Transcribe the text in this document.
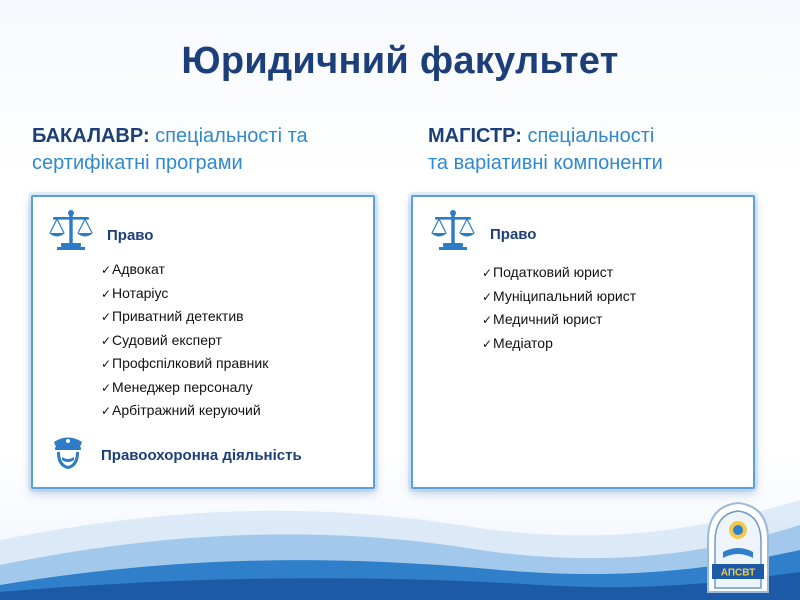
Юридичний факультет
БАКАЛАВР: спеціальності та
сертифікатні програми
МАГІСТР: спеціальності
та варіативні компоненти
Право
✓Адвокат
✓Нотаріус
✓Приватний детектив
✓Судовий експерт
✓Профспілковий правник
✓Менеджер персоналу
✓Арбітражний керуючий
Правоохоронна діяльність
Право
✓Податковий юрист
✓Муніципальний юрист
✓Медичний юрист
✓Медіатор
АПСВТ
